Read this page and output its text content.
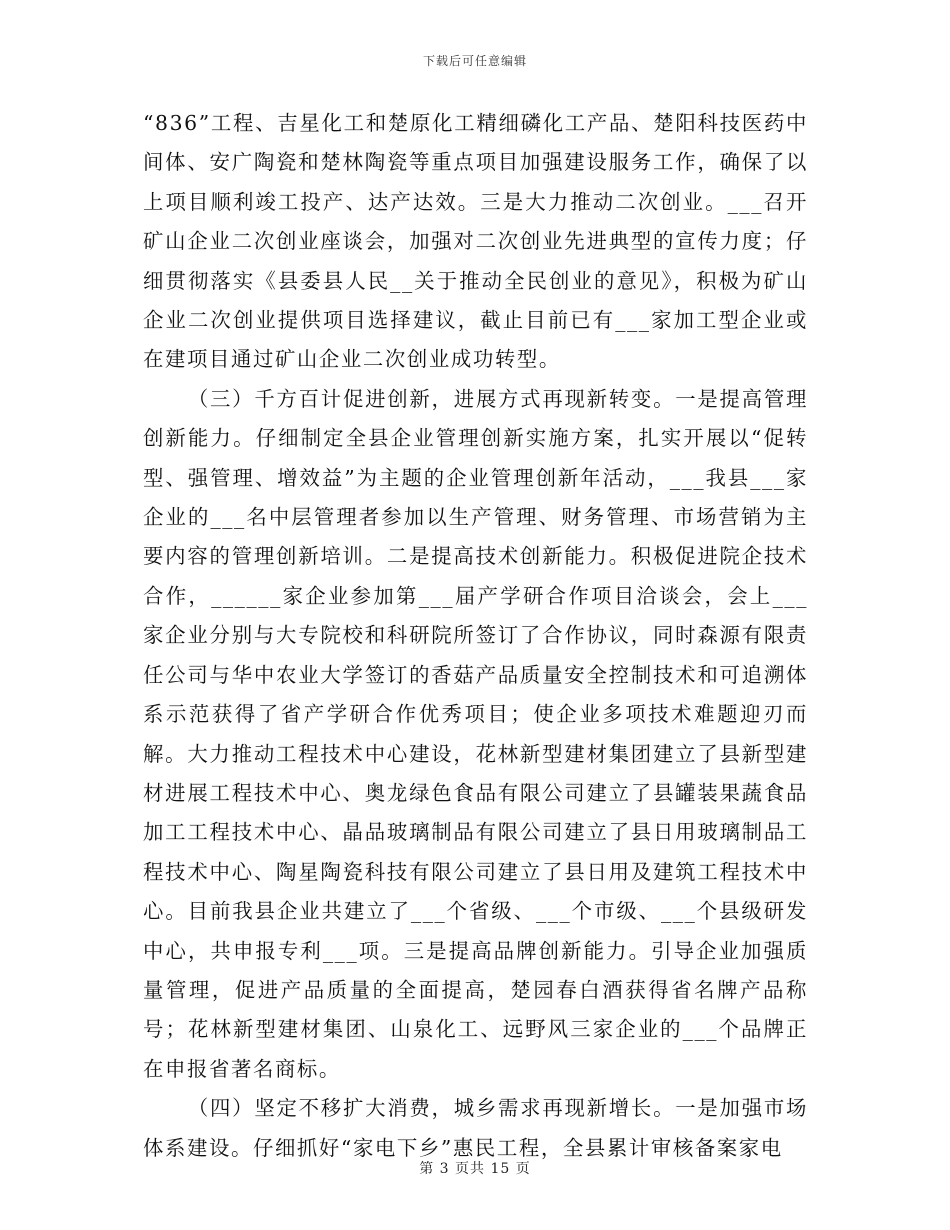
下载后可任意编辑

“836”工程、吉星化工和楚原化工精细磷化工产品、楚阳科技医药中间体、安广陶瓷和楚林陶瓷等重点项目加强建设服务工作，确保了以上项目顺利竣工投产、达产达效。三是大力推动二次创业。___召开矿山企业二次创业座谈会，加强对二次创业先进典型的宣传力度；仔细贯彻落实《县委县人民__关于推动全民创业的意见》，积极为矿山企业二次创业提供项目选择建议，截止目前已有___家加工型企业或在建项目通过矿山企业二次创业成功转型。

（三）千方百计促进创新，进展方式再现新转变。一是提高管理创新能力。仔细制定全县企业管理创新实施方案，扎实开展以“促转型、强管理、增效益”为主题的企业管理创新年活动，___我县___家企业的___名中层管理者参加以生产管理、财务管理、市场营销为主要内容的管理创新培训。二是提高技术创新能力。积极促进院企技术合作，______家企业参加第___届产学研合作项目洽谈会，会上___家企业分别与大专院校和科研院所签订了合作协议，同时森源有限责任公司与华中农业大学签订的香菇产品质量安全控制技术和可追溯体系示范获得了省产学研合作优秀项目；使企业多项技术难题迎刃而解。大力推动工程技术中心建设，花林新型建材集团建立了县新型建材进展工程技术中心、奥龙绿色食品有限公司建立了县罐装果蔬食品加工工程技术中心、晶品玻璃制品有限公司建立了县日用玻璃制品工程技术中心、陶星陶瓷科技有限公司建立了县日用及建筑工程技术中心。目前我县企业共建立了___个省级、___个市级、___个县级研发中心，共申报专利___项。三是提高品牌创新能力。引导企业加强质量管理，促进产品质量的全面提高，楚园春白酒获得省名牌产品称号；花林新型建材集团、山泉化工、远野风三家企业的___个品牌正在申报省著名商标。

（四）坚定不移扩大消费，城乡需求再现新增长。一是加强市场体系建设。仔细抓好“家电下乡”惠民工程，全县累计审核备案家电

第 3 页共 15 页
